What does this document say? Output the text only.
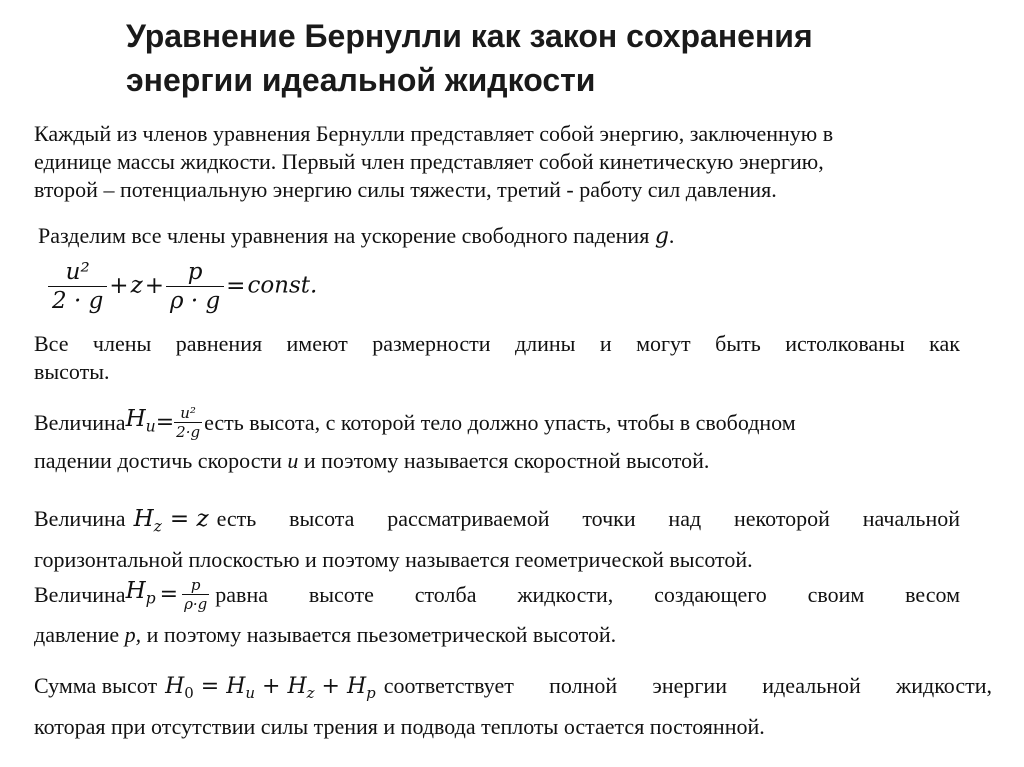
Уравнение Бернулли как закон сохранения
энергии идеальной жидкости
Каждый из членов уравнения Бернулли представляет собой энергию, заключенную в
единице массы жидкости. Первый член представляет собой кинетическую энергию,
второй – потенциальную энергию силы тяжести, третий - работу сил давления.
Разделим все члены уравнения на ускорение свободного падения g.
$\frac{\text{u²}}{2 \cdot g} +z+ \frac{p}{\rho \cdot g}$ =const.
Все члены равнения имеют размерности длины и могут быть истолкованы как
высоты.
Величина $H_u = \frac{\text{u²}}{2\cdot g}$ есть высота, с которой тело должно упасть, чтобы в свободном
падении достичь скорости u и поэтому называется скоростной высотой.
Величина $H_z = z$ есть высота рассматриваемой точки над некоторой начальной
горизонтальной плоскостью и поэтому называется геометрической высотой.
Величина $H_p = \frac{p}{\rho\cdot g}$ равна высоте столба жидкости, создающего своим весом
давление p, и поэтому называется пьезометрической высотой.
Сумма высот $H_0 = H_u + H_z + H_p$ соответствует полной энергии идеальной жидкости,
которая при отсутствии силы трения и подвода теплоты остается постоянной.
